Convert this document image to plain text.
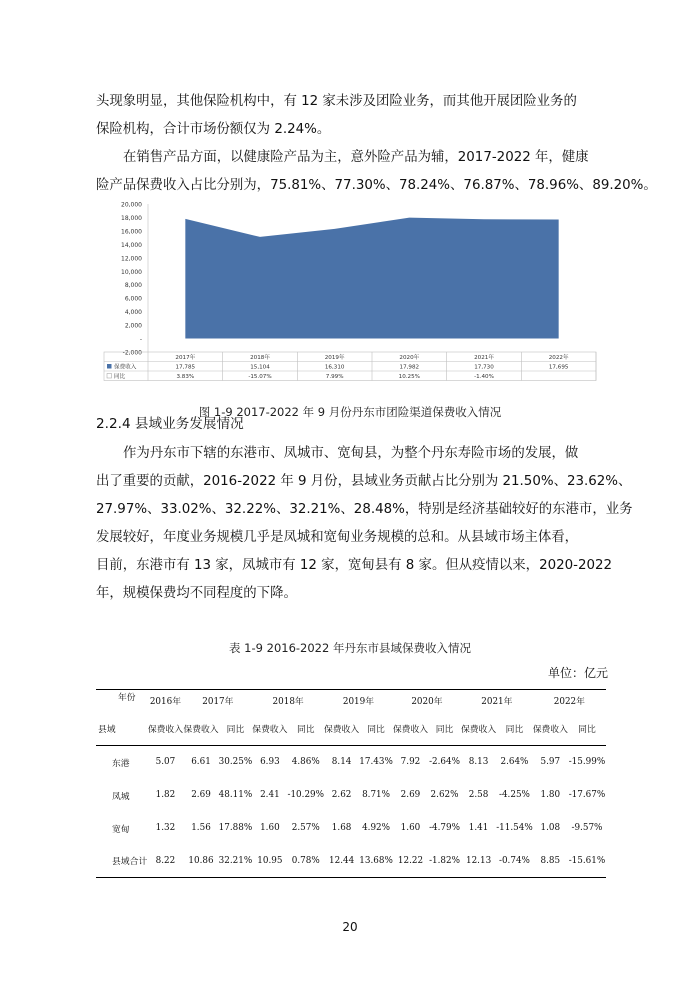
头现象明显，其他保险机构中，有 12 家未涉及团险业务，而其他开展团险业务的
保险机构，合计市场份额仅为 2.24%。
在销售产品方面，以健康险产品为主，意外险产品为辅，2017-2022 年，健康
险产品保费收入占比分别为，75.81%、77.30%、78.24%、76.87%、78.96%、89.20%。
20,000
18,000
16,000
14,000
12,000
10,000
8,000
6,000
4,000
2,000
-
-2,000
2017年	2018年	2019年	2020年	2021年	2022年
保费收入	17,785	15,104	16,310	17,982	17,730	17,695
同比	3.83%	-15.07%	7.99%	10.25%	-1.40%

图 1-9 2017-2022 年 9 月份丹东市团险渠道保费收入情况

2.2.4 县域业务发展情况
作为丹东市下辖的东港市、凤城市、宽甸县，为整个丹东寿险市场的发展，做
出了重要的贡献，2016-2022 年 9 月份，县域业务贡献占比分别为 21.50%、23.62%、
27.97%、33.02%、32.22%、32.21%、28.48%，特别是经济基础较好的东港市，业务
发展较好，年度业务规模几乎是凤城和宽甸业务规模的总和。从县域市场主体看，
目前，东港市有 13 家，凤城市有 12 家，宽甸县有 8 家。但从疫情以来，2020-2022
年，规模保费均不同程度的下降。

表 1-9 2016-2022 年丹东市县域保费收入情况

单位：亿元
年份	2016年	2017年		2018年		2019年		2020年		2021年		2022年	
县域	保费收入	保费收入	同比	保费收入	同比	保费收入	同比	保费收入	同比	保费收入	同比	保费收入	同比
东港	5.07	6.61	30.25%	6.93	4.86%	8.14	17.43%	7.92	-2.64%	8.13	2.64%	5.97	-15.99%
凤城	1.82	2.69	48.11%	2.41	-10.29%	2.62	8.71%	2.69	2.62%	2.58	-4.25%	1.80	-17.67%
宽甸	1.32	1.56	17.88%	1.60	2.57%	1.68	4.92%	1.60	-4.79%	1.41	-11.54%	1.08	-9.57%
县域合计	8.22	10.86	32.21%	10.95	0.78%	12.44	13.68%	12.22	-1.82%	12.13	-0.74%	8.85	-15.61%
20
